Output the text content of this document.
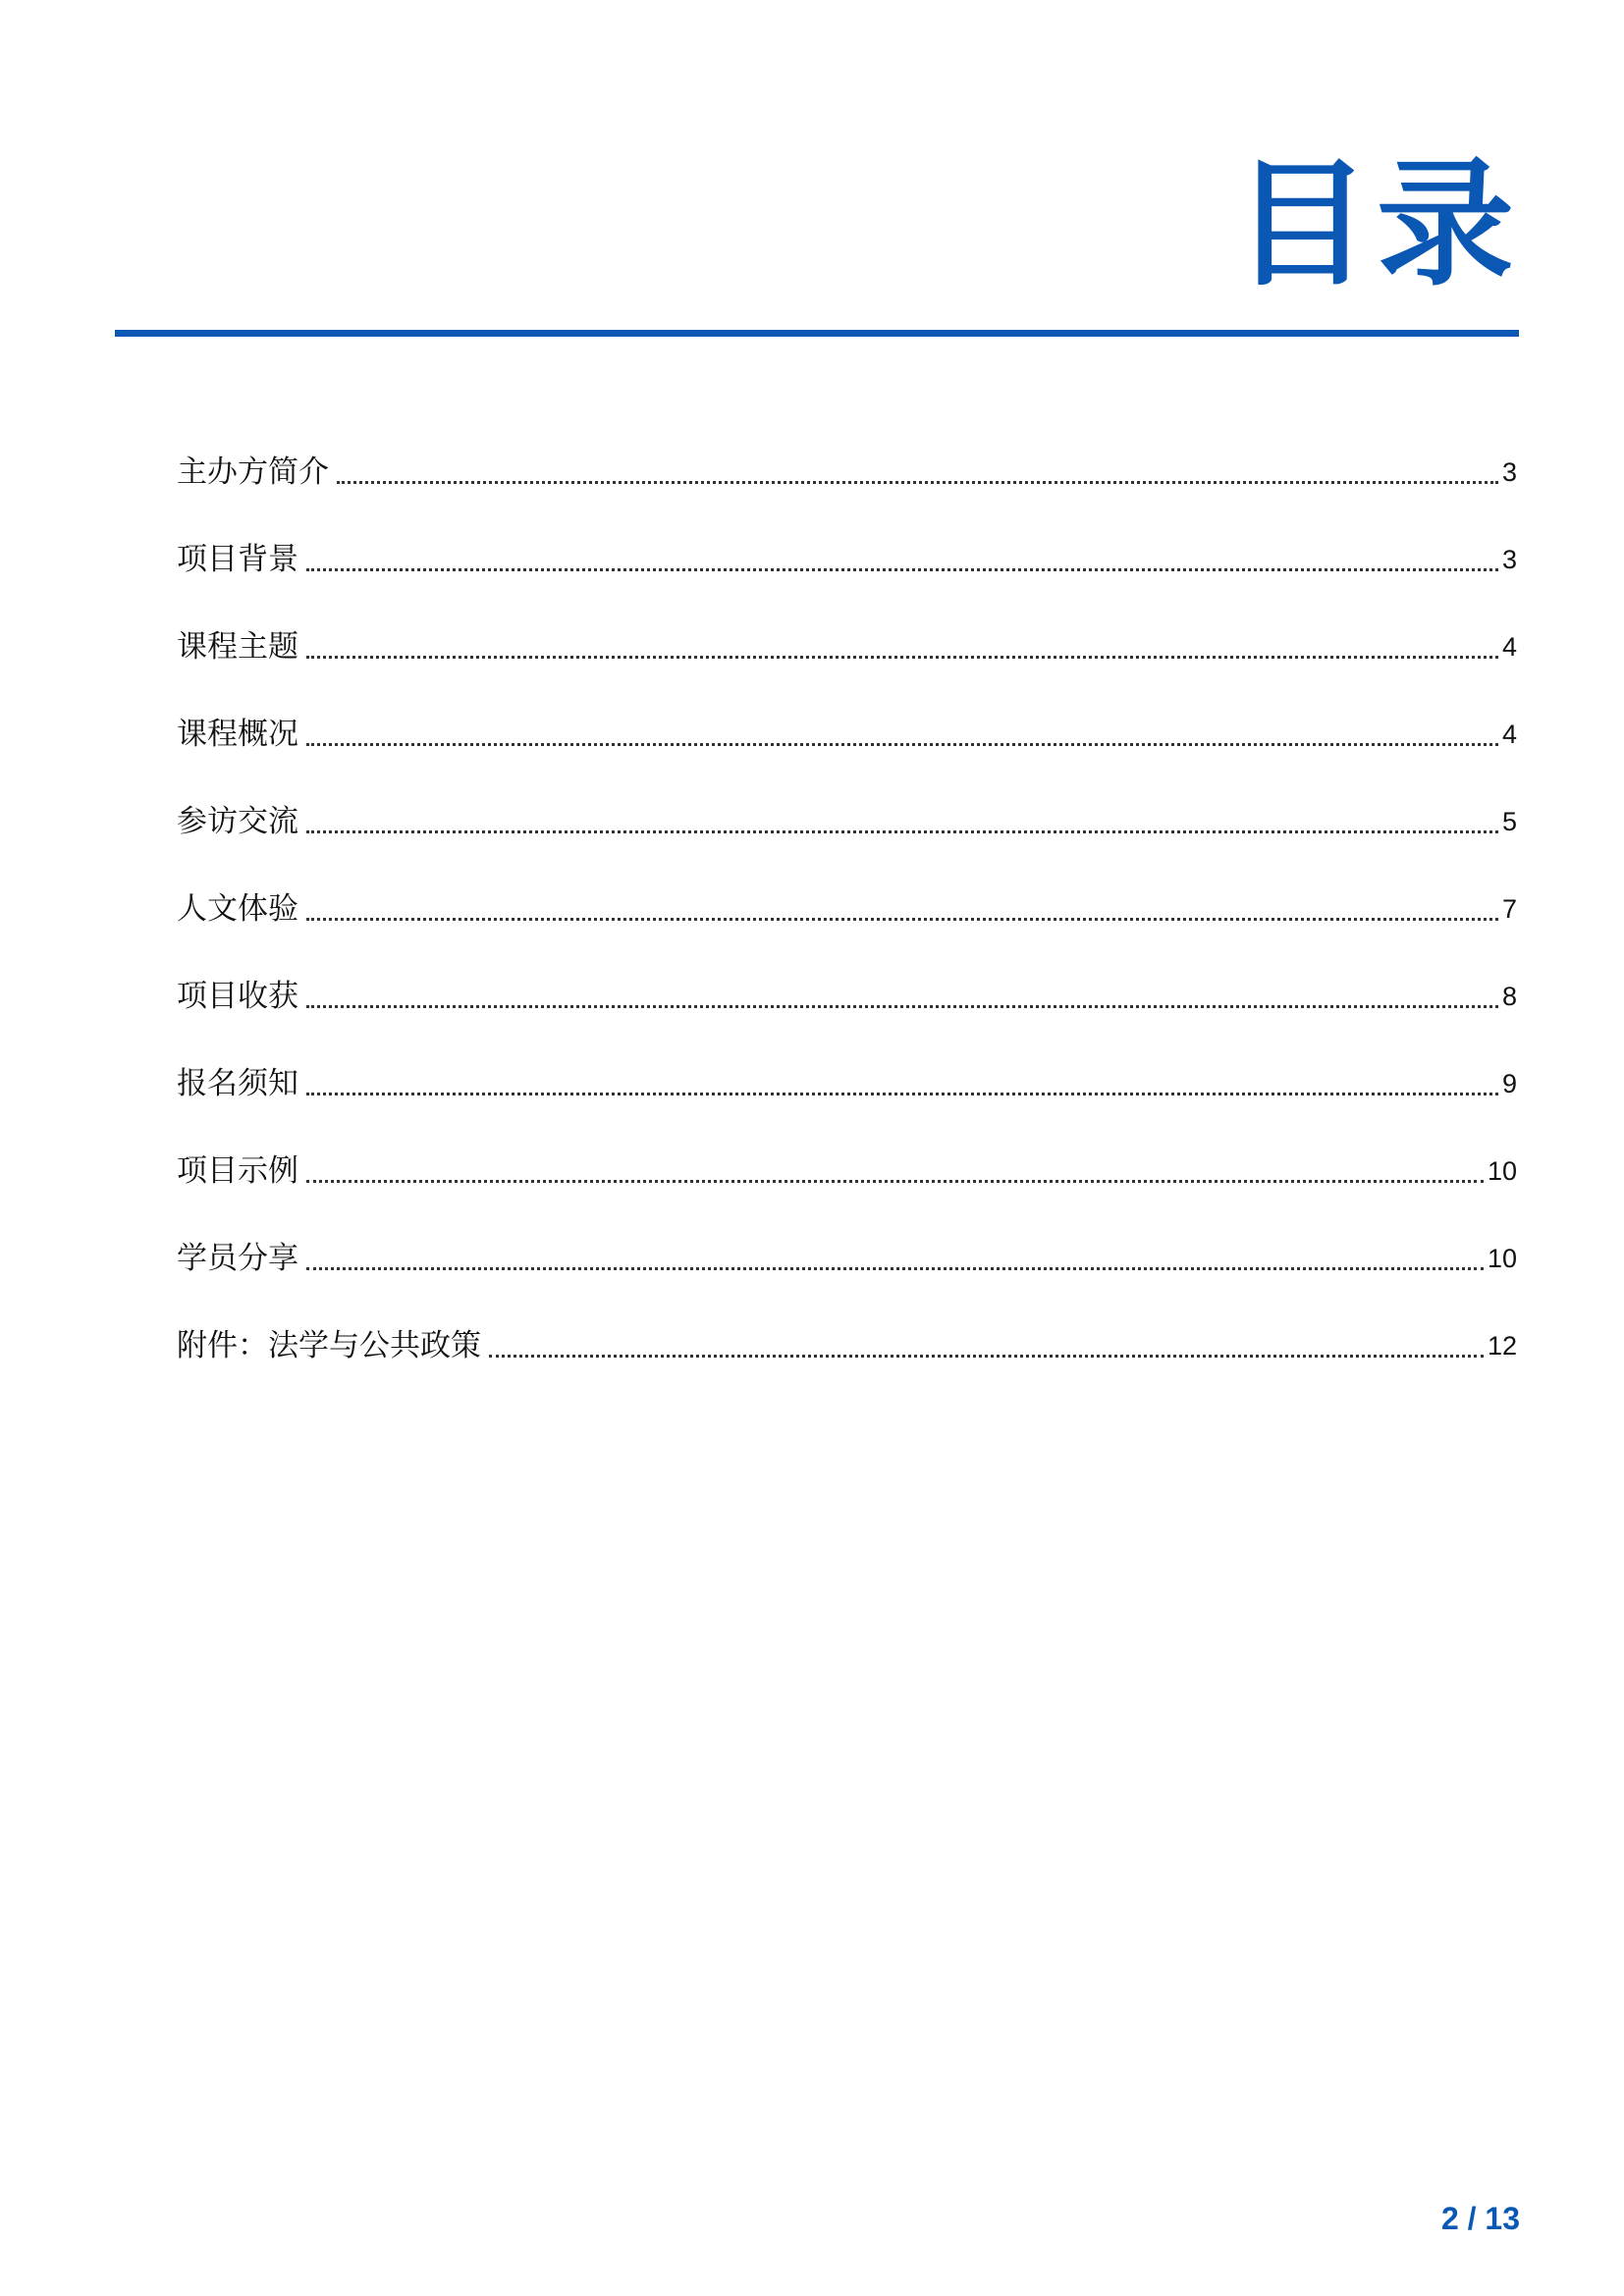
目录
主办方简介	3
项目背景	3
课程主题	4
课程概况	4
参访交流	5
人文体验	7
项目收获	8
报名须知	9
项目示例	10
学员分享	10
附件：法学与公共政策	12
2 / 13
